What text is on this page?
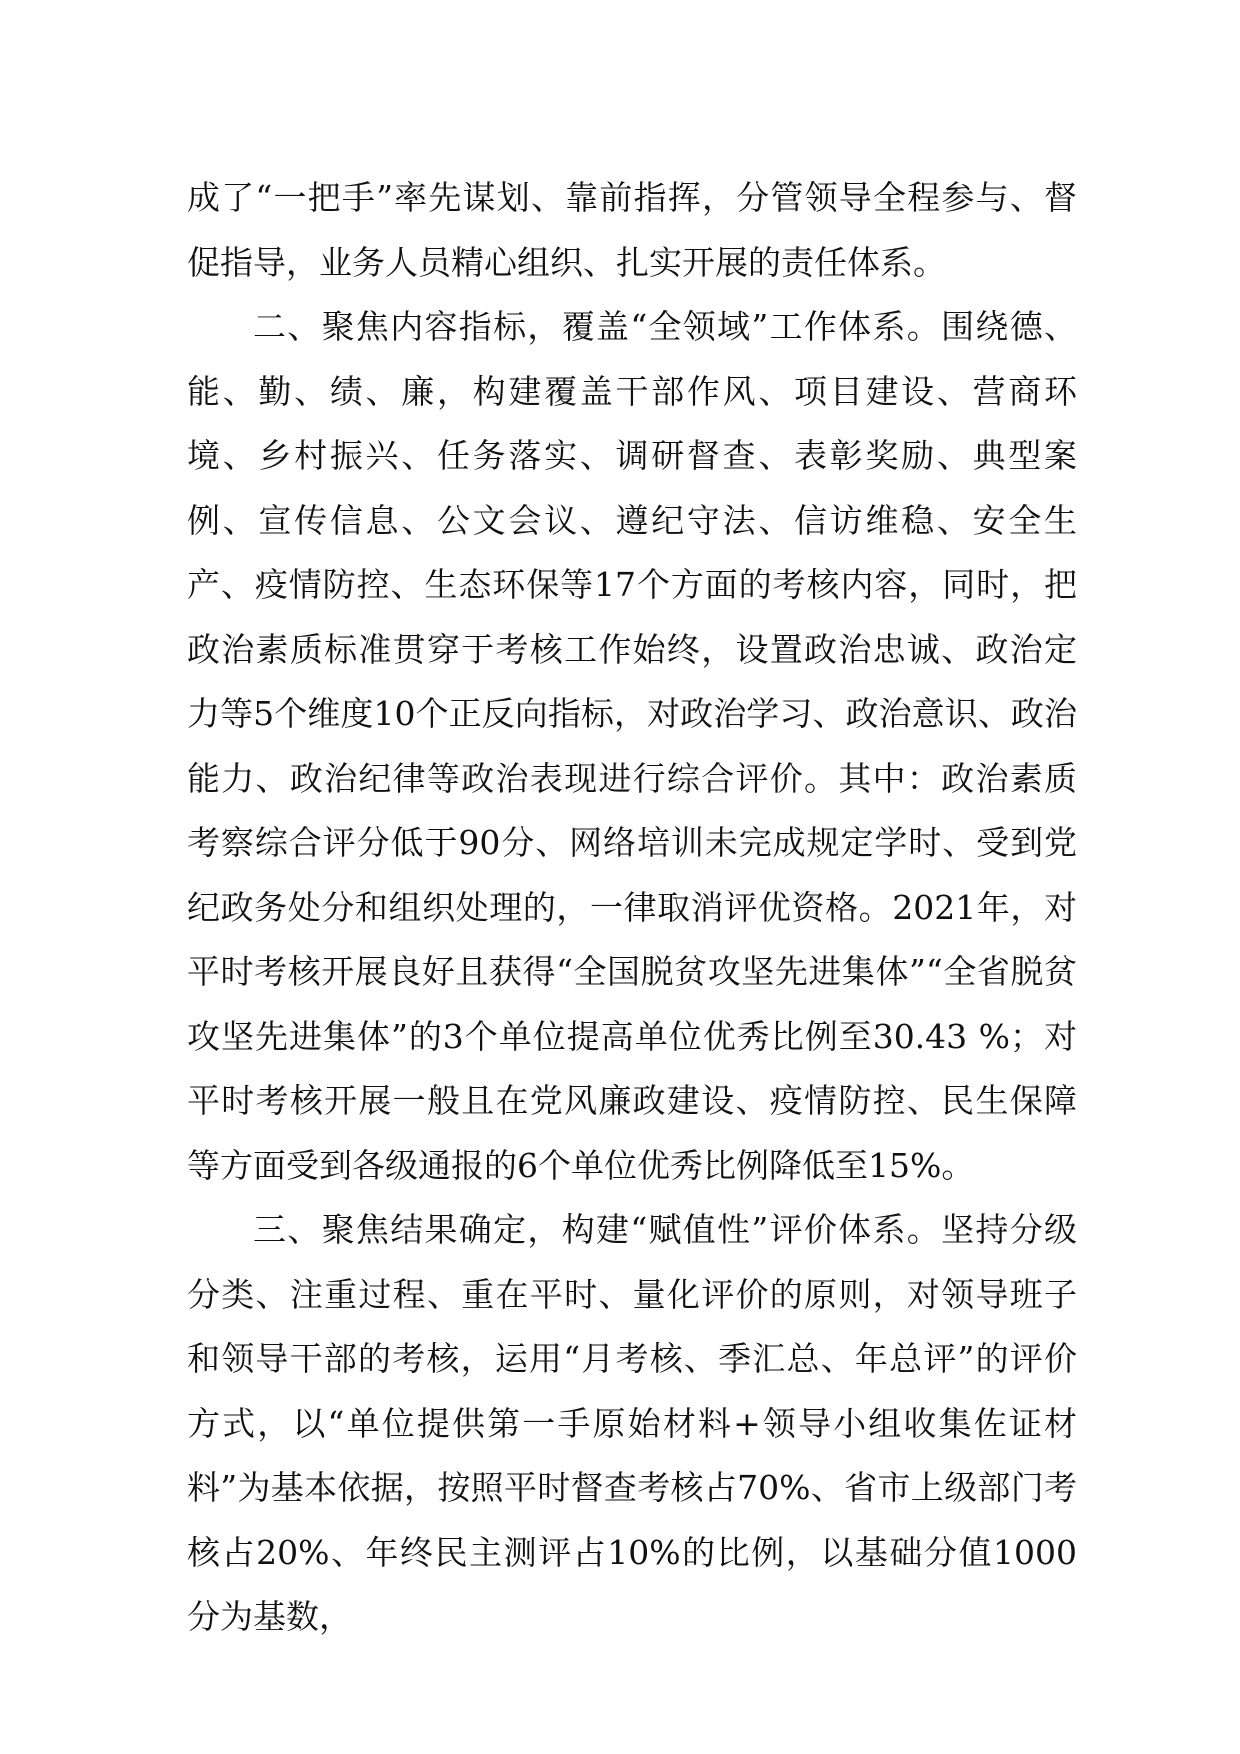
成了“一把手”率先谋划、靠前指挥，分管领导全程参与、督促指导，业务人员精心组织、扎实开展的责任体系。

二、聚焦内容指标，覆盖“全领域”工作体系。围绕德、能、勤、绩、廉，构建覆盖干部作风、项目建设、营商环境、乡村振兴、任务落实、调研督查、表彰奖励、典型案例、宣传信息、公文会议、遵纪守法、信访维稳、安全生产、疫情防控、生态环保等17个方面的考核内容，同时，把政治素质标准贯穿于考核工作始终，设置政治忠诚、政治定力等5个维度10个正反向指标，对政治学习、政治意识、政治能力、政治纪律等政治表现进行综合评价。其中：政治素质考察综合评分低于90分、网络培训未完成规定学时、受到党纪政务处分和组织处理的，一律取消评优资格。2021年，对平时考核开展良好且获得“全国脱贫攻坚先进集体”“全省脱贫攻坚先进集体”的3个单位提高单位优秀比例至30.43 %；对平时考核开展一般且在党风廉政建设、疫情防控、民生保障等方面受到各级通报的6个单位优秀比例降低至15%。

三、聚焦结果确定，构建“赋值性”评价体系。坚持分级分类、注重过程、重在平时、量化评价的原则，对领导班子和领导干部的考核，运用“月考核、季汇总、年总评”的评价方式，以“单位提供第一手原始材料+领导小组收集佐证材料”为基本依据，按照平时督查考核占70%、省市上级部门考核占20%、年终民主测评占10%的比例，以基础分值1000分为基数，
